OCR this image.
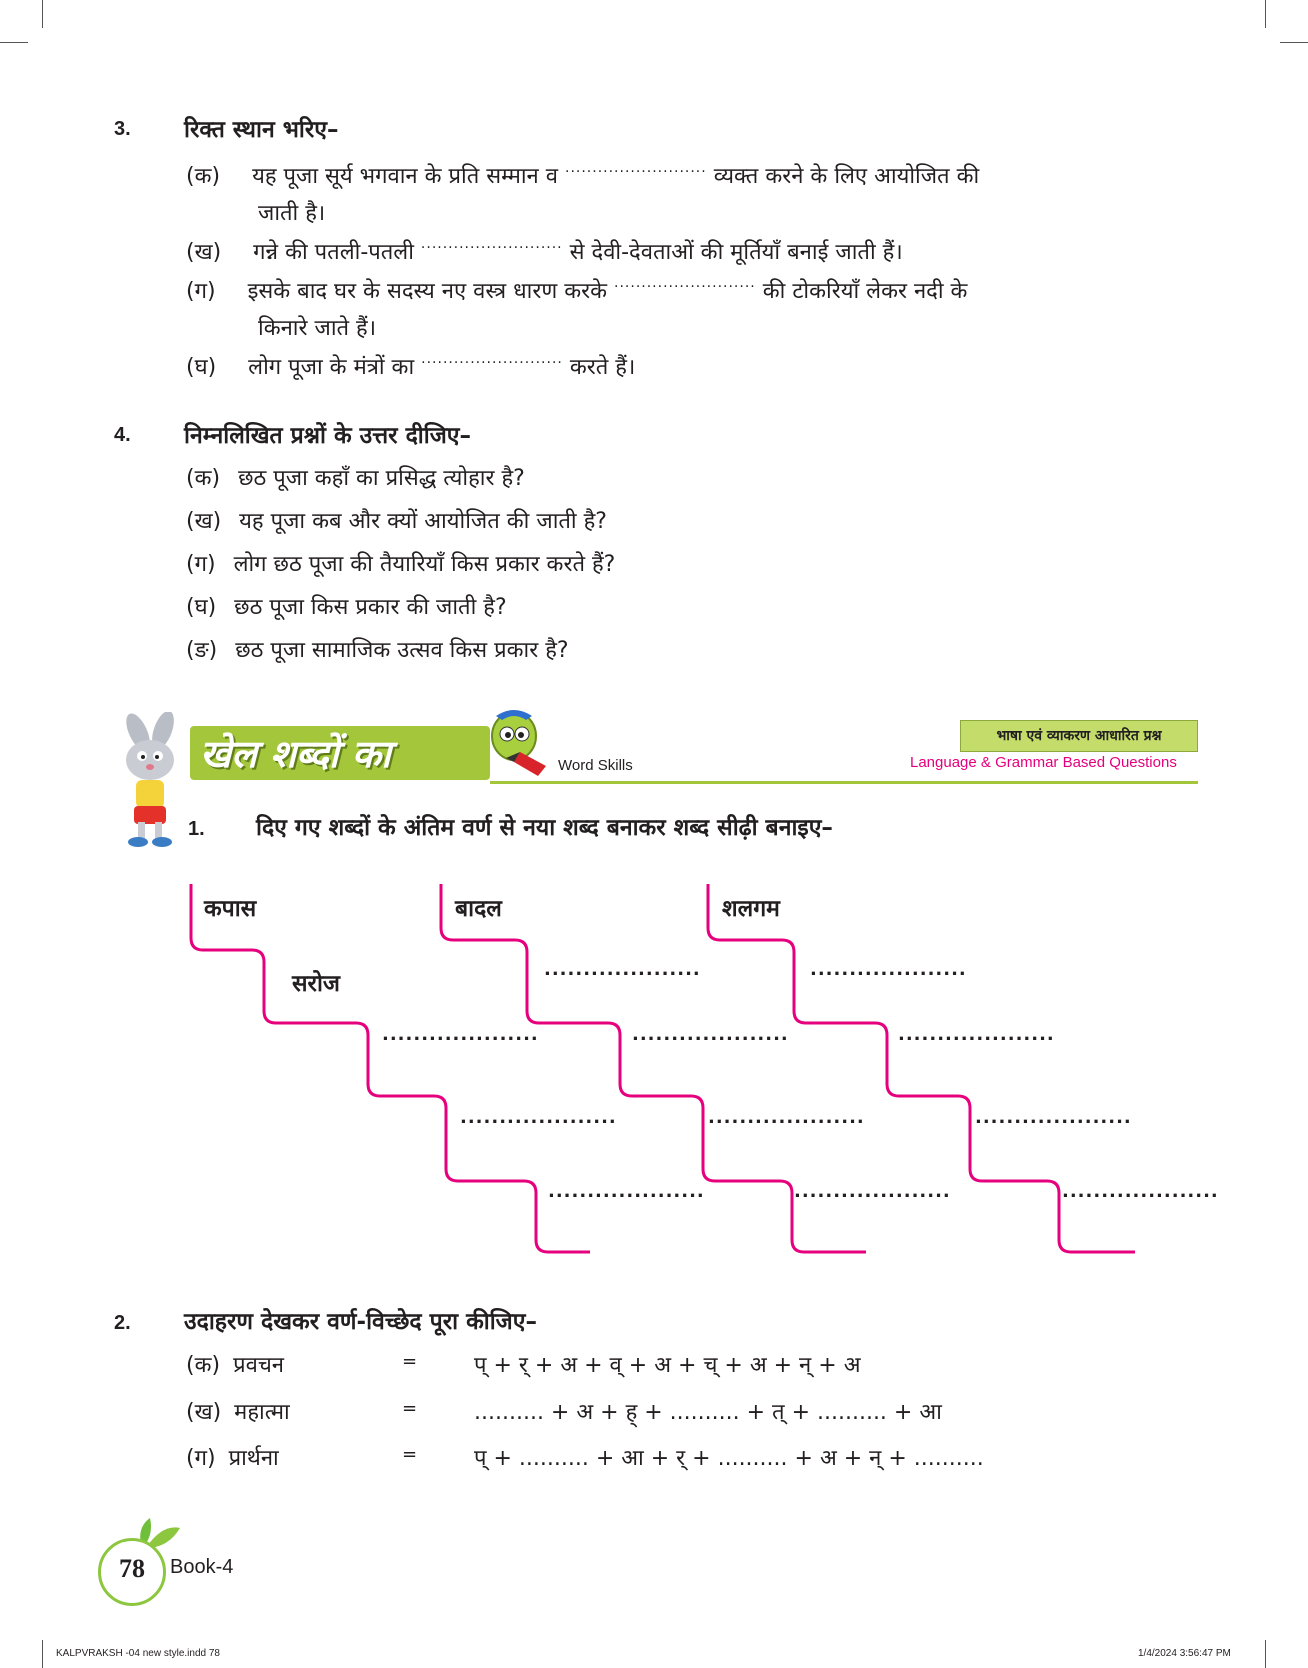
3. रिक्त स्थान भरिए–
(क) यह पूजा सूर्य भगवान के प्रति सम्मान व .......................... व्यक्त करने के लिए आयोजित की
जाती है।
(ख) गन्ने की पतली-पतली .......................... से देवी-देवताओं की मूर्तियाँ बनाई जाती हैं।
(ग) इसके बाद घर के सदस्य नए वस्त्र धारण करके .......................... की टोकरियाँ लेकर नदी के
किनारे जाते हैं।
(घ) लोग पूजा के मंत्रों का .......................... करते हैं।
4. निम्नलिखित प्रश्नों के उत्तर दीजिए–
(क) छठ पूजा कहाँ का प्रसिद्ध त्योहार है?
(ख) यह पूजा कब और क्यों आयोजित की जाती है?
(ग) लोग छठ पूजा की तैयारियाँ किस प्रकार करते हैं?
(घ) छठ पूजा किस प्रकार की जाती है?
(ङ) छठ पूजा सामाजिक उत्सव किस प्रकार है?
खेल शब्दों का	Word Skills
भाषा एवं व्याकरण आधारित प्रश्न
Language & Grammar Based Questions
1. दिए गए शब्दों के अंतिम वर्ण से नया शब्द बनाकर शब्द सीढ़ी बनाइए–
कपास
सरोज
बादल	शलगम
....................
....................
....................
....................
....................
....................
....................
....................
....................
....................
....................
2. उदाहरण देखकर वर्ण-विच्छेद पूरा कीजिए–
(क) प्रवचन	=	प् + र् + अ + व् + अ + च् + अ + न् + अ
(ख) महात्मा	=	.......... + अ + ह् + .......... + त् + .......... + आ
(ग) प्रार्थना	=	प् + .......... + आ + र् + .......... + अ + न् + ..........
78	Book-4
KALPVRAKSH -04 new style.indd 78	1/4/2024 3:56:47 PM
